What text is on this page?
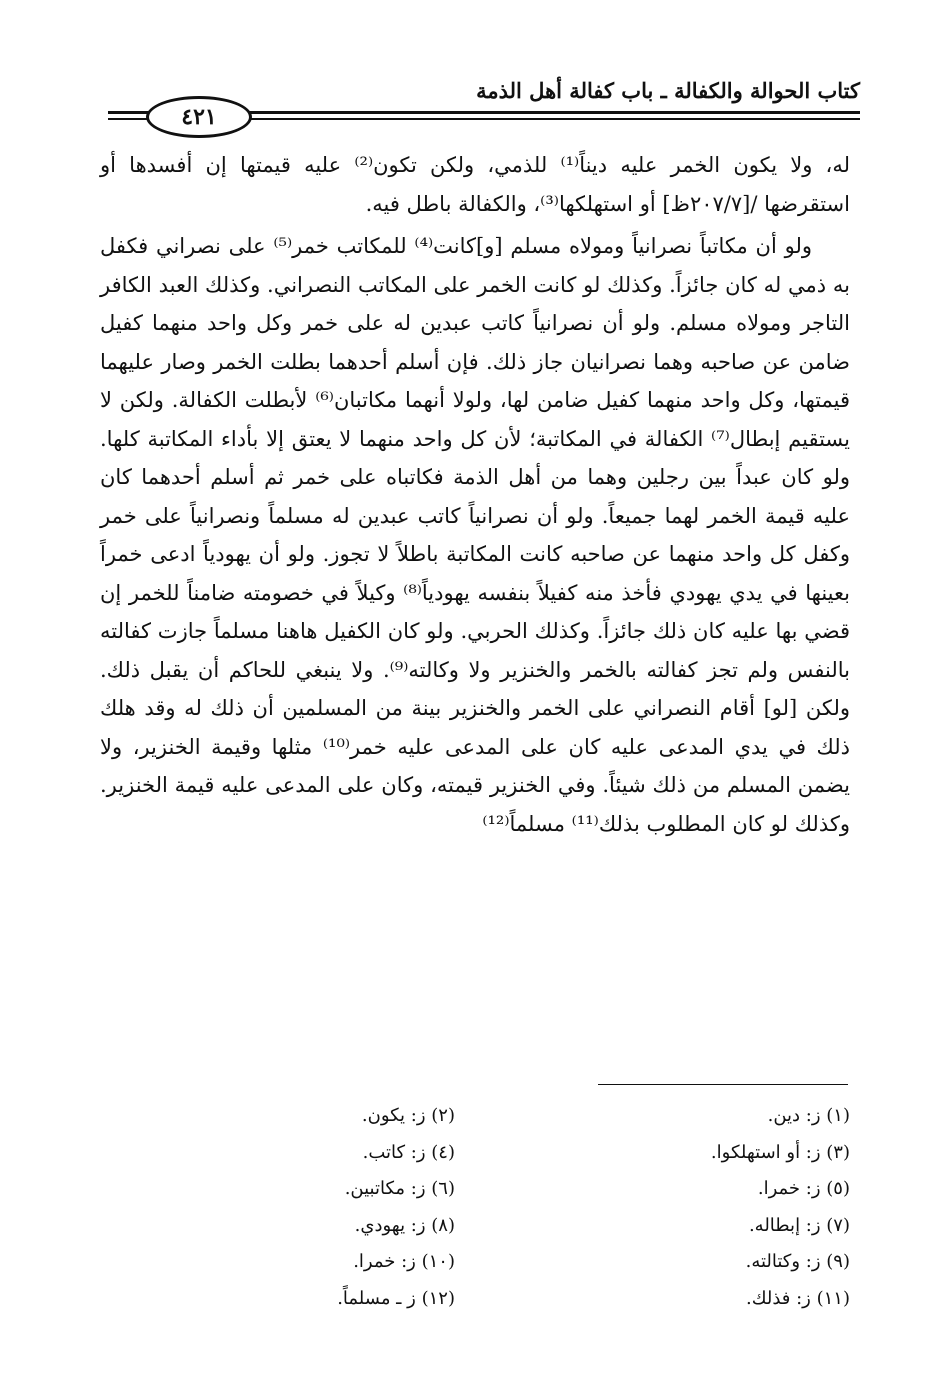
كتاب الحوالة والكفالة ـ باب كفالة أهل الذمة
٤٢١

له، ولا يكون الخمر عليه ديناً⁽¹⁾ للذمي، ولكن تكون⁽²⁾ عليه قيمتها إن أفسدها أو استقرضها /[٢٠٧/٧ظ] أو استهلكها⁽³⁾، والكفالة باطل فيه.

ولو أن مكاتباً نصرانياً ومولاه مسلم [و]كانت⁽⁴⁾ للمكاتب خمر⁽⁵⁾ على نصراني فكفل به ذمي له كان جائزاً. وكذلك لو كانت الخمر على المكاتب النصراني. وكذلك العبد الكافر التاجر ومولاه مسلم. ولو أن نصرانياً كاتب عبدين له على خمر وكل واحد منهما كفيل ضامن عن صاحبه وهما نصرانيان جاز ذلك. فإن أسلم أحدهما بطلت الخمر وصار عليهما قيمتها، وكل واحد منهما كفيل ضامن لها، ولولا أنهما مكاتبان⁽⁶⁾ لأبطلت الكفالة. ولكن لا يستقيم إبطال⁽⁷⁾ الكفالة في المكاتبة؛ لأن كل واحد منهما لا يعتق إلا بأداء المكاتبة كلها. ولو كان عبداً بين رجلين وهما من أهل الذمة فكاتباه على خمر ثم أسلم أحدهما كان عليه قيمة الخمر لهما جميعاً. ولو أن نصرانياً كاتب عبدين له مسلماً ونصرانياً على خمر وكفل كل واحد منهما عن صاحبه كانت المكاتبة باطلاً لا تجوز. ولو أن يهودياً ادعى خمراً بعينها في يدي يهودي فأخذ منه كفيلاً بنفسه يهودياً⁽⁸⁾ وكيلاً في خصومته ضامناً للخمر إن قضي بها عليه كان ذلك جائزاً. وكذلك الحربي. ولو كان الكفيل هاهنا مسلماً جازت كفالته بالنفس ولم تجز كفالته بالخمر والخنزير ولا وكالته⁽⁹⁾. ولا ينبغي للحاكم أن يقبل ذلك. ولكن [لو] أقام النصراني على الخمر والخنزير بينة من المسلمين أن ذلك له وقد هلك ذلك في يدي المدعى عليه كان على المدعى عليه خمر⁽¹⁰⁾ مثلها وقيمة الخنزير، ولا يضمن المسلم من ذلك شيئاً. وفي الخنزير قيمته، وكان على المدعى عليه قيمة الخنزير. وكذلك لو كان المطلوب بذلك⁽¹¹⁾ مسلماً⁽¹²⁾

(١) ز: دين.
(٢) ز: يكون.
(٣) ز: أو استهلكوا.
(٤) ز: كاتب.
(٥) ز: خمرا.
(٦) ز: مكاتبين.
(٧) ز: إبطاله.
(٨) ز: يهودي.
(٩) ز: وكتالته.
(١٠) ز: خمرا.
(١١) ز: فذلك.
(١٢) ز ـ مسلماً.
